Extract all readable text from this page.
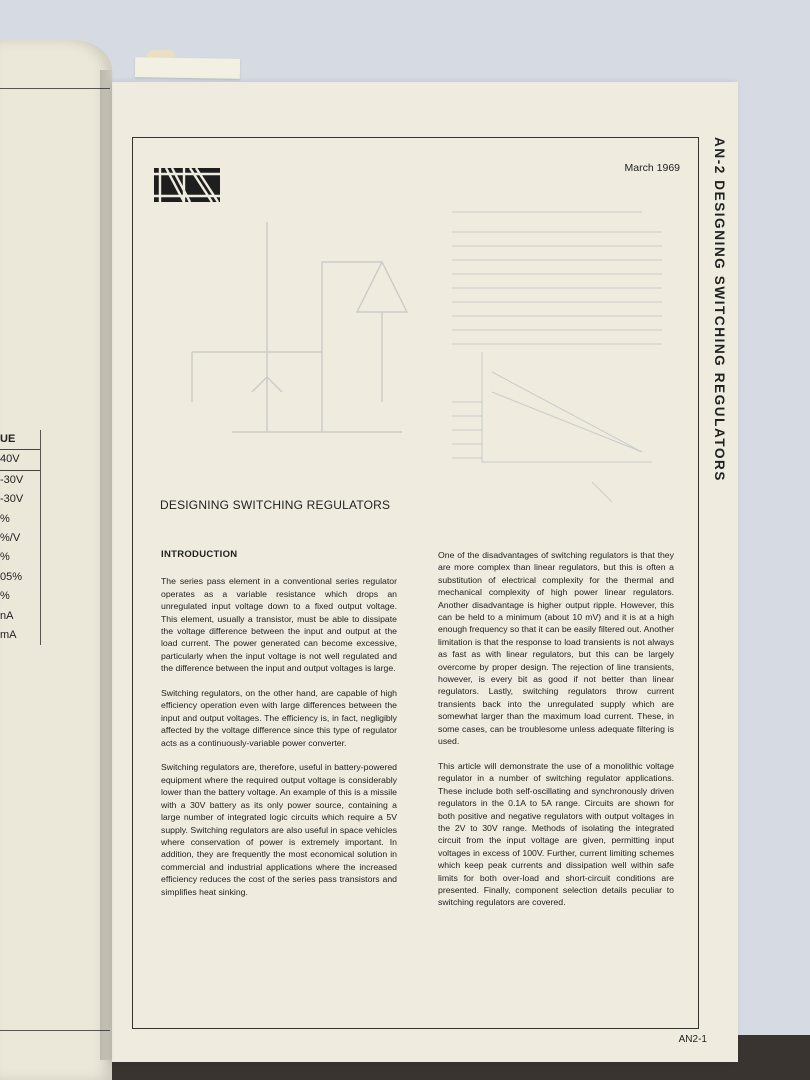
UE
40V
-30V
-30V
%
%/V
%
05%
%
nA
mA
March 1969 AN-2 DESIGNING SWITCHING REGULATORS
DESIGNING SWITCHING REGULATORS
INTRODUCTION

The series pass element in a conventional series regulator operates as a variable resistance which drops an unregulated input voltage down to a fixed output voltage. This element, usually a transistor, must be able to dissipate the voltage difference between the input and output at the load current. The power generated can become excessive, particularly when the input voltage is not well regulated and the difference between the input and output voltages is large.

Switching regulators, on the other hand, are capable of high efficiency operation even with large differences between the input and output voltages. The efficiency is, in fact, negligibly affected by the voltage difference since this type of regulator acts as a continuously-variable power converter.

Switching regulators are, therefore, useful in battery-powered equipment where the required output voltage is considerably lower than the battery voltage. An example of this is a missile with a 30V battery as its only power source, containing a large number of integrated logic circuits which require a 5V supply. Switching regulators are also useful in space vehicles where conservation of power is extremely important. In addition, they are frequently the most economical solution in commercial and industrial applications where the increased efficiency reduces the cost of the series pass transistors and simplifies heat sinking.

One of the disadvantages of switching regulators is that they are more complex than linear regulators, but this is often a substitution of electrical complexity for the thermal and mechanical complexity of high power linear regulators. Another disadvantage is higher output ripple. However, this can be held to a minimum (about 10 mV) and it is at a high enough frequency so that it can be easily filtered out. Another limitation is that the response to load transients is not always as fast as with linear regulators, but this can be largely overcome by proper design. The rejection of line transients, however, is every bit as good if not better than linear regulators. Lastly, switching regulators throw current transients back into the unregulated supply which are somewhat larger than the maximum load current. These, in some cases, can be troublesome unless adequate filtering is used.

This article will demonstrate the use of a monolithic voltage regulator in a number of switching regulator applications. These include both self-oscillating and synchronously driven regulators in the 0.1A to 5A range. Circuits are shown for both positive and negative regulators with output voltages in the 2V to 30V range. Methods of isolating the integrated circuit from the input voltage are given, permitting input voltages in excess of 100V. Further, current limiting schemes which keep peak currents and dissipation well within safe limits for both over-load and short-circuit conditions are presented. Finally, component selection details peculiar to switching regulators are covered.

AN2-1
